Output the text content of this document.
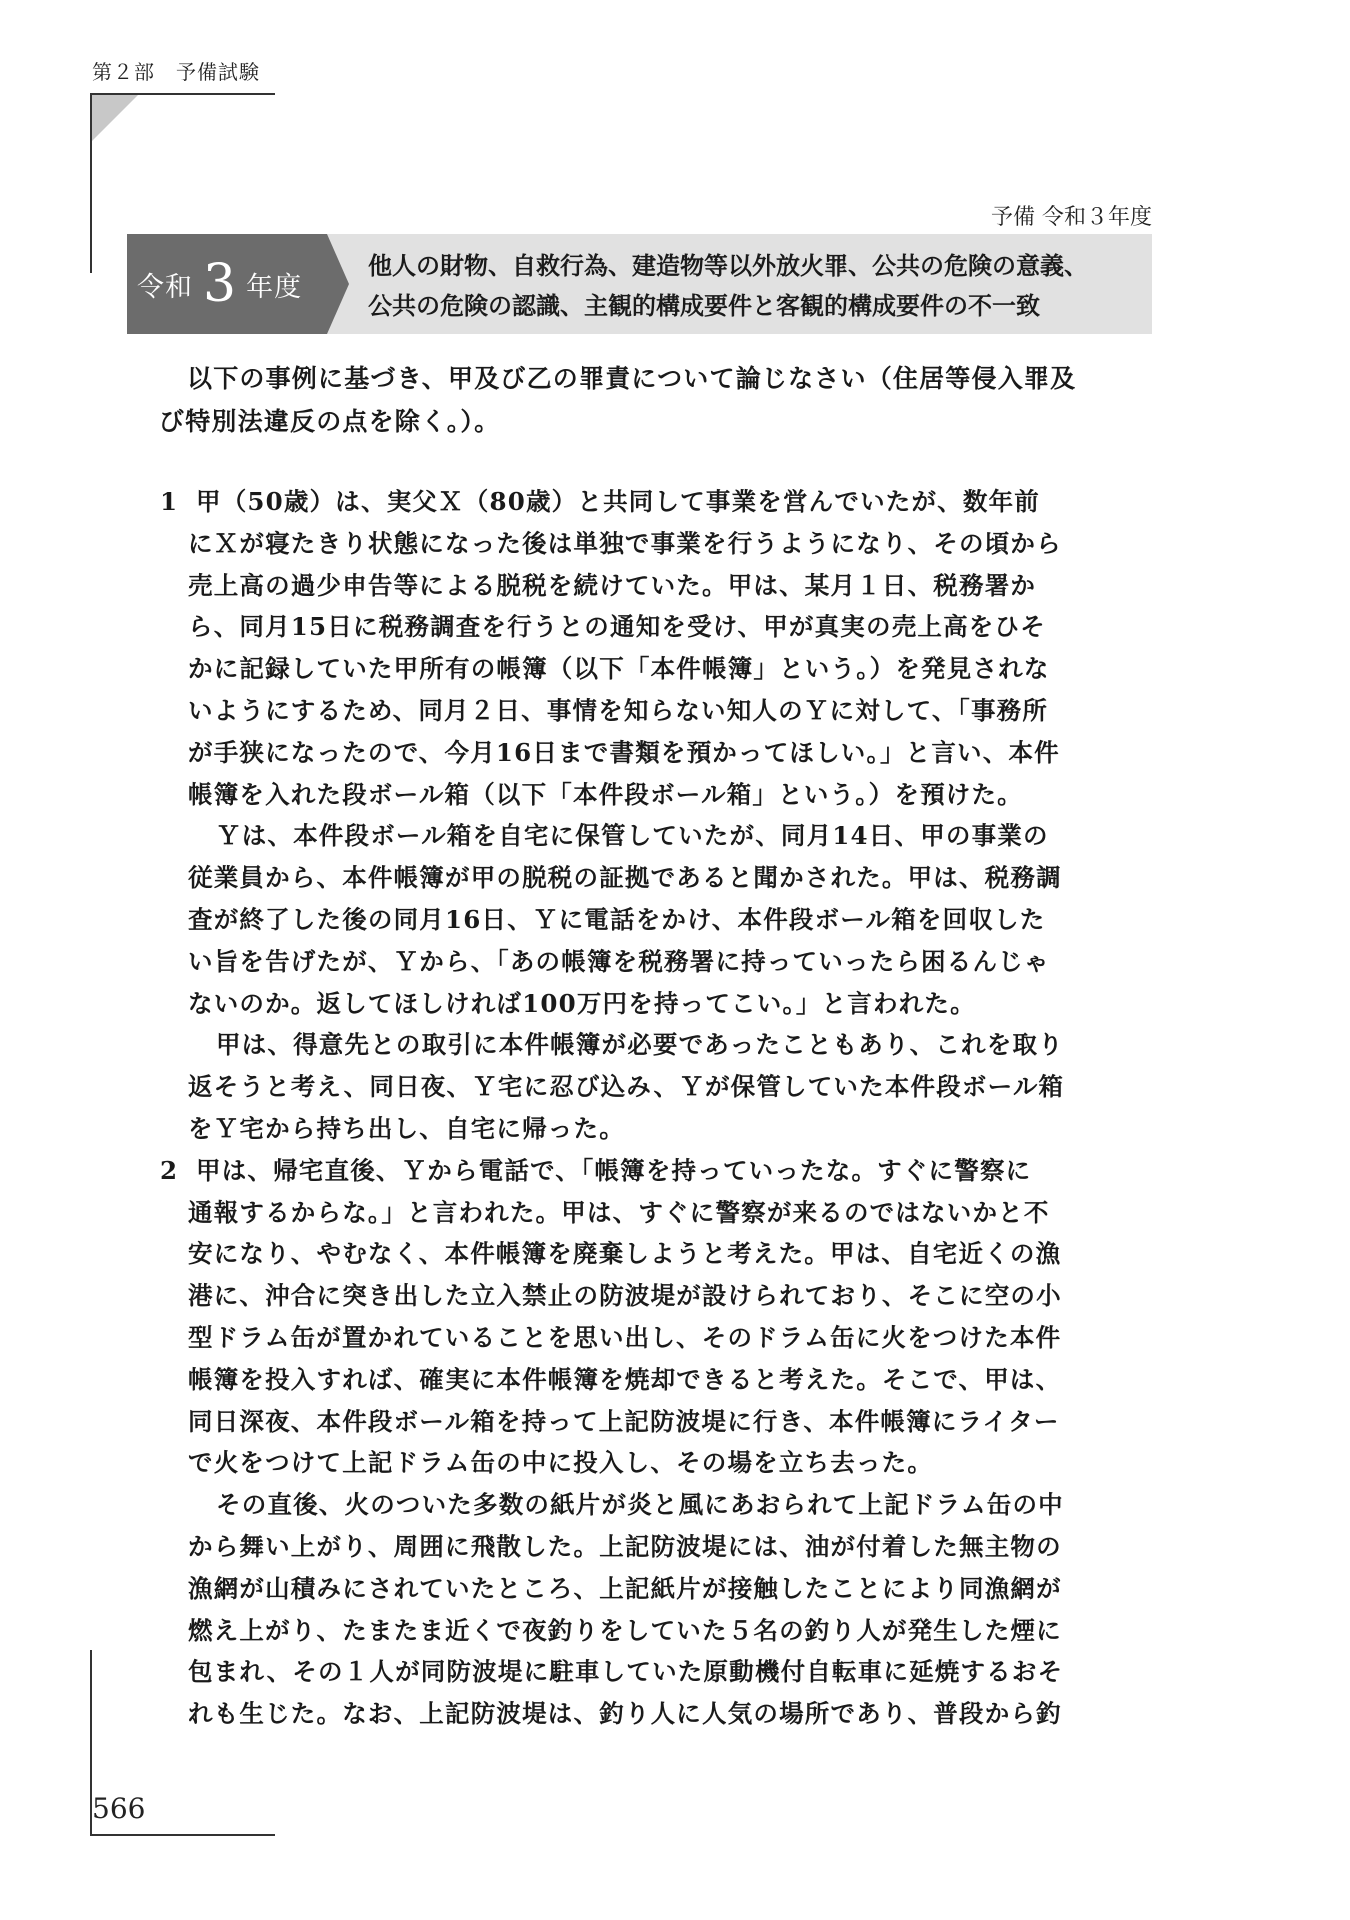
第２部　予備試験
予備 令和３年度
令和 3 年度
他人の財物、自救行為、建造物等以外放火罪、公共の危険の意義、
公共の危険の認識、主観的構成要件と客観的構成要件の不一致
以下の事例に基づき、甲及び乙の罪責について論じなさい（住居等侵入罪及
び特別法違反の点を除く。）。

1 甲（50歳）は、実父Ｘ（80歳）と共同して事業を営んでいたが、数年前
にＸが寝たきり状態になった後は単独で事業を行うようになり、その頃から
売上高の過少申告等による脱税を続けていた。甲は、某月１日、税務署か
ら、同月15日に税務調査を行うとの通知を受け、甲が真実の売上高をひそ
かに記録していた甲所有の帳簿（以下「本件帳簿」という。）を発見されな
いようにするため、同月２日、事情を知らない知人のＹに対して、「事務所
が手狭になったので、今月16日まで書類を預かってほしい。」と言い、本件
帳簿を入れた段ボール箱（以下「本件段ボール箱」という。）を預けた。

Ｙは、本件段ボール箱を自宅に保管していたが、同月14日、甲の事業の
従業員から、本件帳簿が甲の脱税の証拠であると聞かされた。甲は、税務調
査が終了した後の同月16日、Ｙに電話をかけ、本件段ボール箱を回収した
い旨を告げたが、Ｙから、「あの帳簿を税務署に持っていったら困るんじゃ
ないのか。返してほしければ100万円を持ってこい。」と言われた。

甲は、得意先との取引に本件帳簿が必要であったこともあり、これを取り
返そうと考え、同日夜、Ｙ宅に忍び込み、Ｙが保管していた本件段ボール箱
をＹ宅から持ち出し、自宅に帰った。

2 甲は、帰宅直後、Ｙから電話で、「帳簿を持っていったな。すぐに警察に
通報するからな。」と言われた。甲は、すぐに警察が来るのではないかと不
安になり、やむなく、本件帳簿を廃棄しようと考えた。甲は、自宅近くの漁
港に、沖合に突き出した立入禁止の防波堤が設けられており、そこに空の小
型ドラム缶が置かれていることを思い出し、そのドラム缶に火をつけた本件
帳簿を投入すれば、確実に本件帳簿を焼却できると考えた。そこで、甲は、
同日深夜、本件段ボール箱を持って上記防波堤に行き、本件帳簿にライター
で火をつけて上記ドラム缶の中に投入し、その場を立ち去った。

その直後、火のついた多数の紙片が炎と風にあおられて上記ドラム缶の中
から舞い上がり、周囲に飛散した。上記防波堤には、油が付着した無主物の
漁網が山積みにされていたところ、上記紙片が接触したことにより同漁網が
燃え上がり、たまたま近くで夜釣りをしていた５名の釣り人が発生した煙に
包まれ、その１人が同防波堤に駐車していた原動機付自転車に延焼するおそ
れも生じた。なお、上記防波堤は、釣り人に人気の場所であり、普段から釣

566
